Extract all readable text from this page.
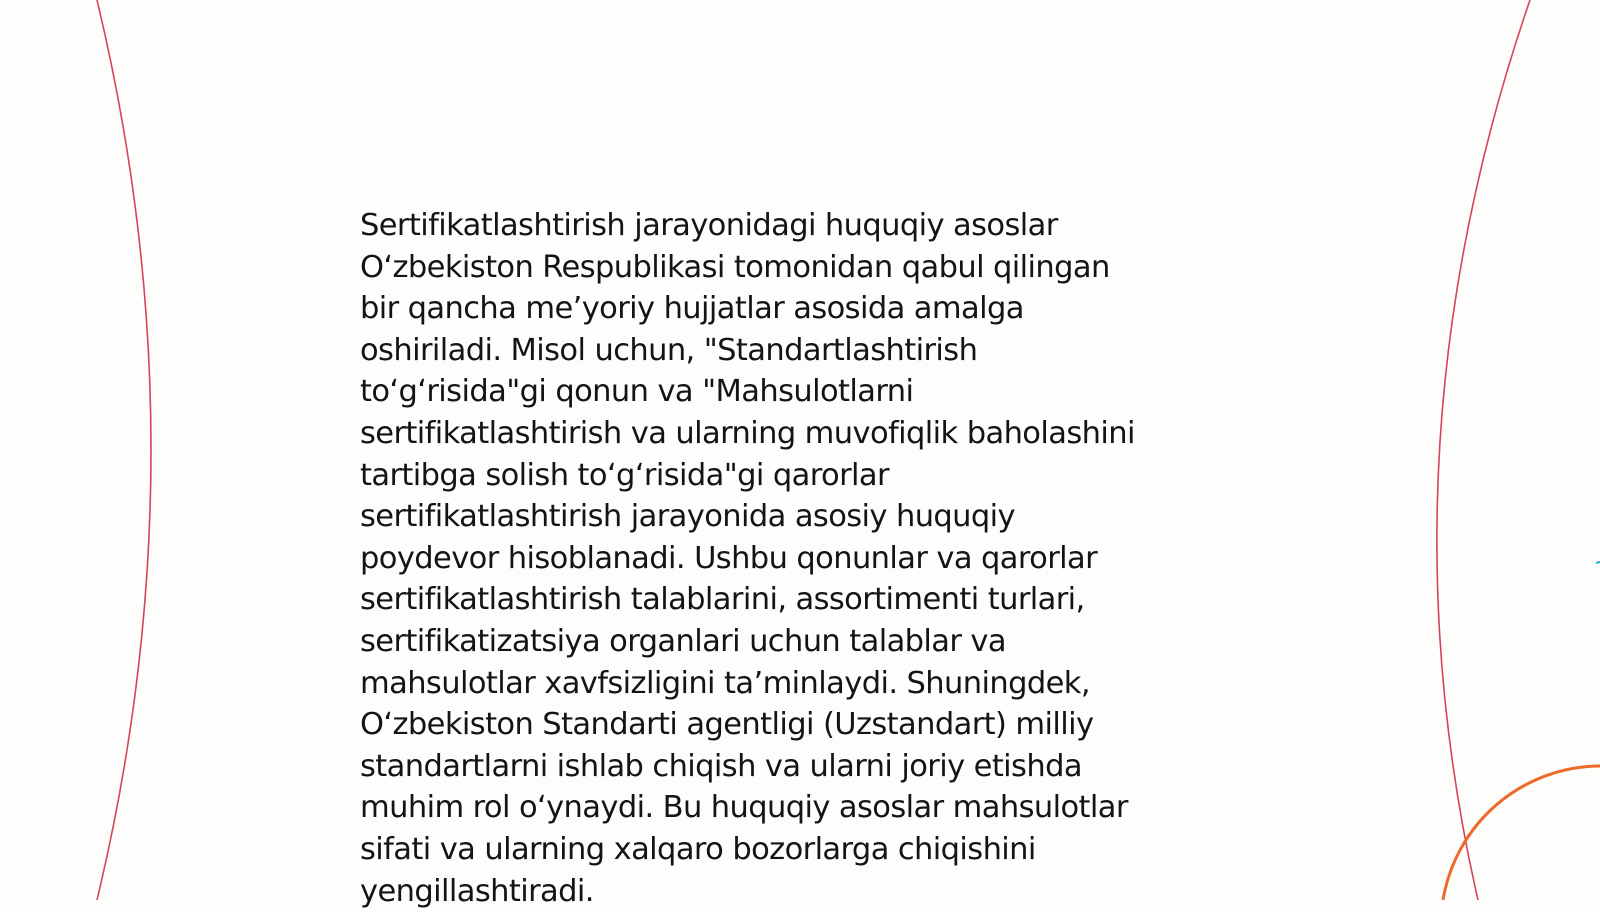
Sertifikatlashtirish jarayonidagi huquqiy asoslar
O‘zbekiston Respublikasi tomonidan qabul qilingan
bir qancha me’yoriy hujjatlar asosida amalga
oshiriladi. Misol uchun, "Standartlashtirish
to‘g‘risida"gi qonun va "Mahsulotlarni
sertifikatlashtirish va ularning muvofiqlik baholashini
tartibga solish to‘g‘risida"gi qarorlar
sertifikatlashtirish jarayonida asosiy huquqiy
poydevor hisoblanadi. Ushbu qonunlar va qarorlar
sertifikatlashtirish talablarini, assortimenti turlari,
sertifikatizatsiya organlari uchun talablar va
mahsulotlar xavfsizligini ta’minlaydi. Shuningdek,
O‘zbekiston Standarti agentligi (Uzstandart) milliy
standartlarni ishlab chiqish va ularni joriy etishda
muhim rol o‘ynaydi. Bu huquqiy asoslar mahsulotlar
sifati va ularning xalqaro bozorlarga chiqishini
yengillashtiradi.
